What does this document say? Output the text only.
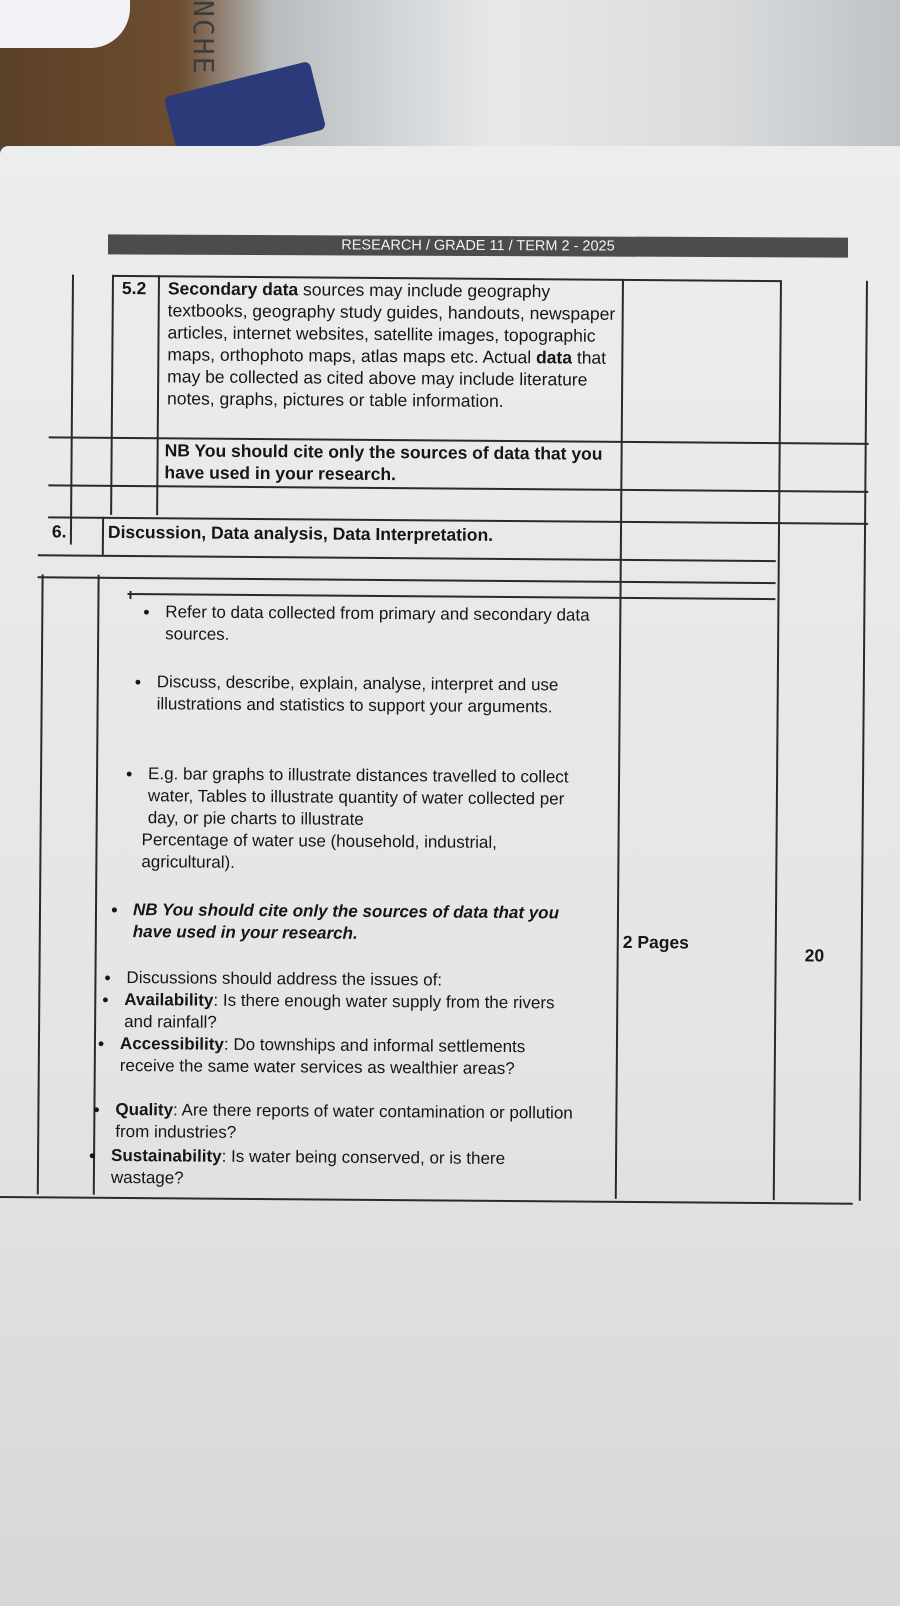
NCHE
RESEARCH / GRADE 11 / TERM 2 - 2025
5.2 Secondary data sources may include geography textbooks, geography study guides, handouts, newspaper articles, internet websites, satellite images, topographic maps, orthophoto maps, atlas maps etc. Actual data that may be collected as cited above may include literature notes, graphs, pictures or table information.
NB You should cite only the sources of data that you have used in your research.
6. Discussion, Data analysis, Data Interpretation.
• Refer to data collected from primary and secondary data sources.
• Discuss, describe, explain, analyse, interpret and use illustrations and statistics to support your arguments.
• E.g. bar graphs to illustrate distances travelled to collect water, Tables to illustrate quantity of water collected per day, or pie charts to illustrate
Percentage of water use (household, industrial, agricultural).
• NB You should cite only the sources of data that you have used in your research.
• Discussions should address the issues of:
• Availability: Is there enough water supply from the rivers and rainfall?
• Accessibility: Do townships and informal settlements receive the same water services as wealthier areas?
• Quality: Are there reports of water contamination or pollution from industries?
• Sustainability: Is water being conserved, or is there wastage?
2 Pages
20
